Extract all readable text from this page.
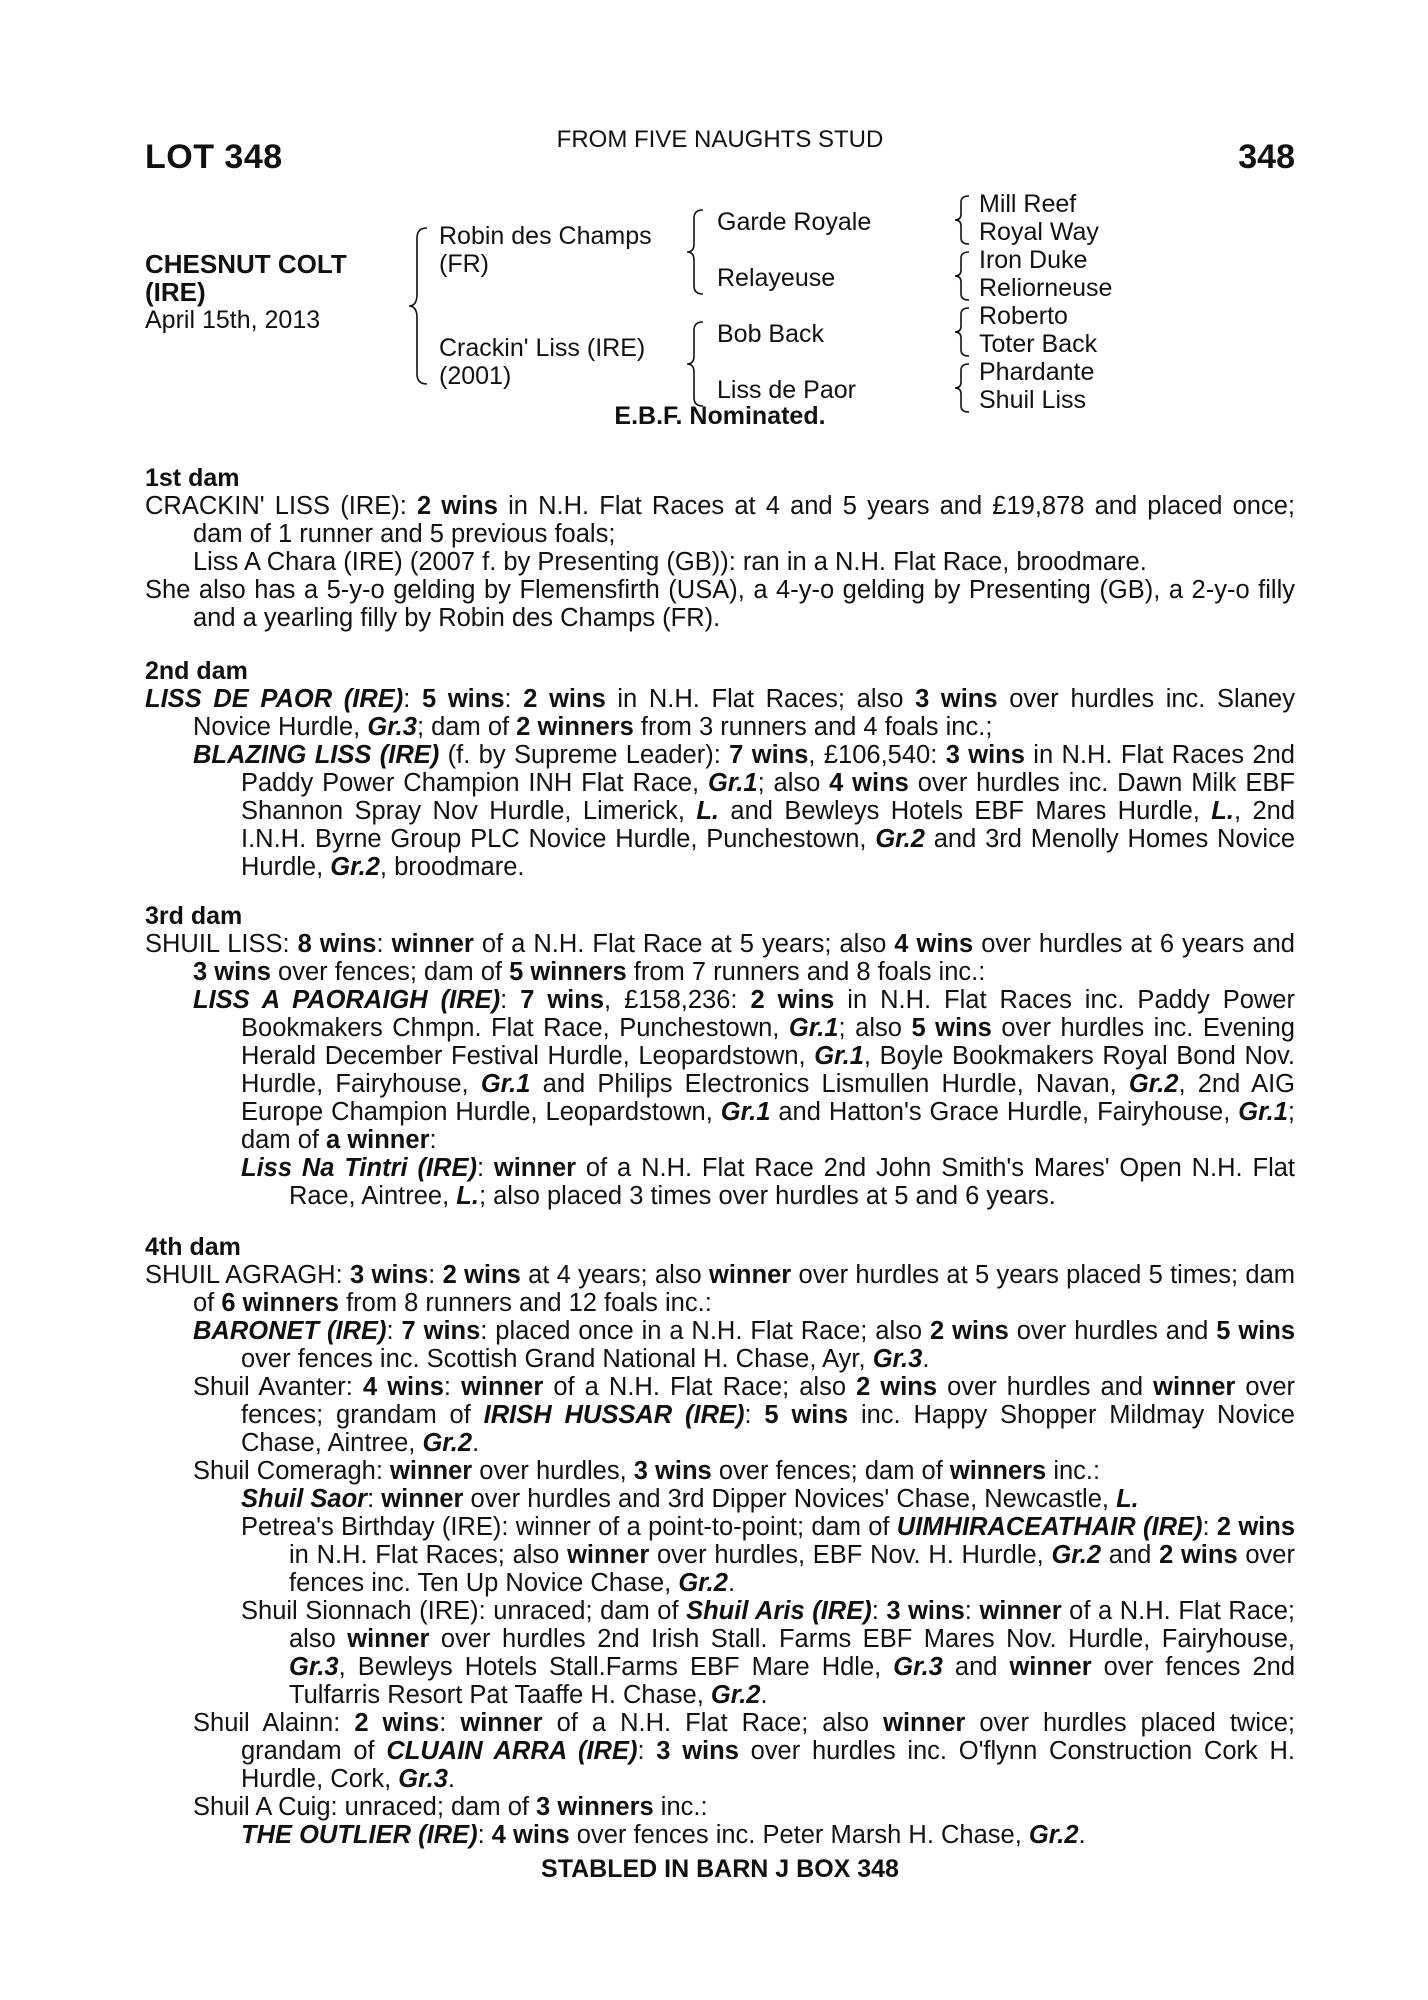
LOT 348	FROM FIVE NAUGHTS STUD	348
CHESNUT COLT
(IRE)
April 15th, 2013
Robin des Champs
(FR)
Crackin' Liss (IRE)
(2001)
Garde Royale
Relayeuse
Bob Back
Liss de Paor
Mill Reef
Royal Way
Iron Duke
Reliorneuse
Roberto
Toter Back
Phardante
Shuil Liss
E.B.F. Nominated.
1st dam

CRACKIN' LISS (IRE): 2 wins in N.H. Flat Races at 4 and 5 years and £19,878 and placed once; dam of 1 runner and 5 previous foals;

Liss A Chara (IRE) (2007 f. by Presenting (GB)): ran in a N.H. Flat Race, broodmare.

She also has a 5-y-o gelding by Flemensfirth (USA), a 4-y-o gelding by Presenting (GB), a 2-y-o filly and a yearling filly by Robin des Champs (FR).

2nd dam

LISS DE PAOR (IRE): 5 wins: 2 wins in N.H. Flat Races; also 3 wins over hurdles inc. Slaney Novice Hurdle, Gr.3; dam of 2 winners from 3 runners and 4 foals inc.;

BLAZING LISS (IRE) (f. by Supreme Leader): 7 wins, £106,540: 3 wins in N.H. Flat Races 2nd Paddy Power Champion INH Flat Race, Gr.1; also 4 wins over hurdles inc. Dawn Milk EBF Shannon Spray Nov Hurdle, Limerick, L. and Bewleys Hotels EBF Mares Hurdle, L., 2nd I.N.H. Byrne Group PLC Novice Hurdle, Punchestown, Gr.2 and 3rd Menolly Homes Novice Hurdle, Gr.2, broodmare.

3rd dam

SHUIL LISS: 8 wins: winner of a N.H. Flat Race at 5 years; also 4 wins over hurdles at 6 years and 3 wins over fences; dam of 5 winners from 7 runners and 8 foals inc.:

LISS A PAORAIGH (IRE): 7 wins, £158,236: 2 wins in N.H. Flat Races inc. Paddy Power Bookmakers Chmpn. Flat Race, Punchestown, Gr.1; also 5 wins over hurdles inc. Evening Herald December Festival Hurdle, Leopardstown, Gr.1, Boyle Bookmakers Royal Bond Nov. Hurdle, Fairyhouse, Gr.1 and Philips Electronics Lismullen Hurdle, Navan, Gr.2, 2nd AIG Europe Champion Hurdle, Leopardstown, Gr.1 and Hatton's Grace Hurdle, Fairyhouse, Gr.1; dam of a winner:

Liss Na Tintri (IRE): winner of a N.H. Flat Race 2nd John Smith's Mares' Open N.H. Flat Race, Aintree, L.; also placed 3 times over hurdles at 5 and 6 years.

4th dam

SHUIL AGRAGH: 3 wins: 2 wins at 4 years; also winner over hurdles at 5 years placed 5 times; dam of 6 winners from 8 runners and 12 foals inc.:

BARONET (IRE): 7 wins: placed once in a N.H. Flat Race; also 2 wins over hurdles and 5 wins over fences inc. Scottish Grand National H. Chase, Ayr, Gr.3.

Shuil Avanter: 4 wins: winner of a N.H. Flat Race; also 2 wins over hurdles and winner over fences; grandam of IRISH HUSSAR (IRE): 5 wins inc. Happy Shopper Mildmay Novice Chase, Aintree, Gr.2.

Shuil Comeragh: winner over hurdles, 3 wins over fences; dam of winners inc.:

Shuil Saor: winner over hurdles and 3rd Dipper Novices' Chase, Newcastle, L.

Petrea's Birthday (IRE): winner of a point-to-point; dam of UIMHIRACEATHAIR (IRE): 2 wins in N.H. Flat Races; also winner over hurdles, EBF Nov. H. Hurdle, Gr.2 and 2 wins over fences inc. Ten Up Novice Chase, Gr.2.

Shuil Sionnach (IRE): unraced; dam of Shuil Aris (IRE): 3 wins: winner of a N.H. Flat Race; also winner over hurdles 2nd Irish Stall. Farms EBF Mares Nov. Hurdle, Fairyhouse, Gr.3, Bewleys Hotels Stall.Farms EBF Mare Hdle, Gr.3 and winner over fences 2nd Tulfarris Resort Pat Taaffe H. Chase, Gr.2.

Shuil Alainn: 2 wins: winner of a N.H. Flat Race; also winner over hurdles placed twice; grandam of CLUAIN ARRA (IRE): 3 wins over hurdles inc. O'flynn Construction Cork H. Hurdle, Cork, Gr.3.

Shuil A Cuig: unraced; dam of 3 winners inc.:

THE OUTLIER (IRE): 4 wins over fences inc. Peter Marsh H. Chase, Gr.2.

STABLED IN BARN J BOX 348
